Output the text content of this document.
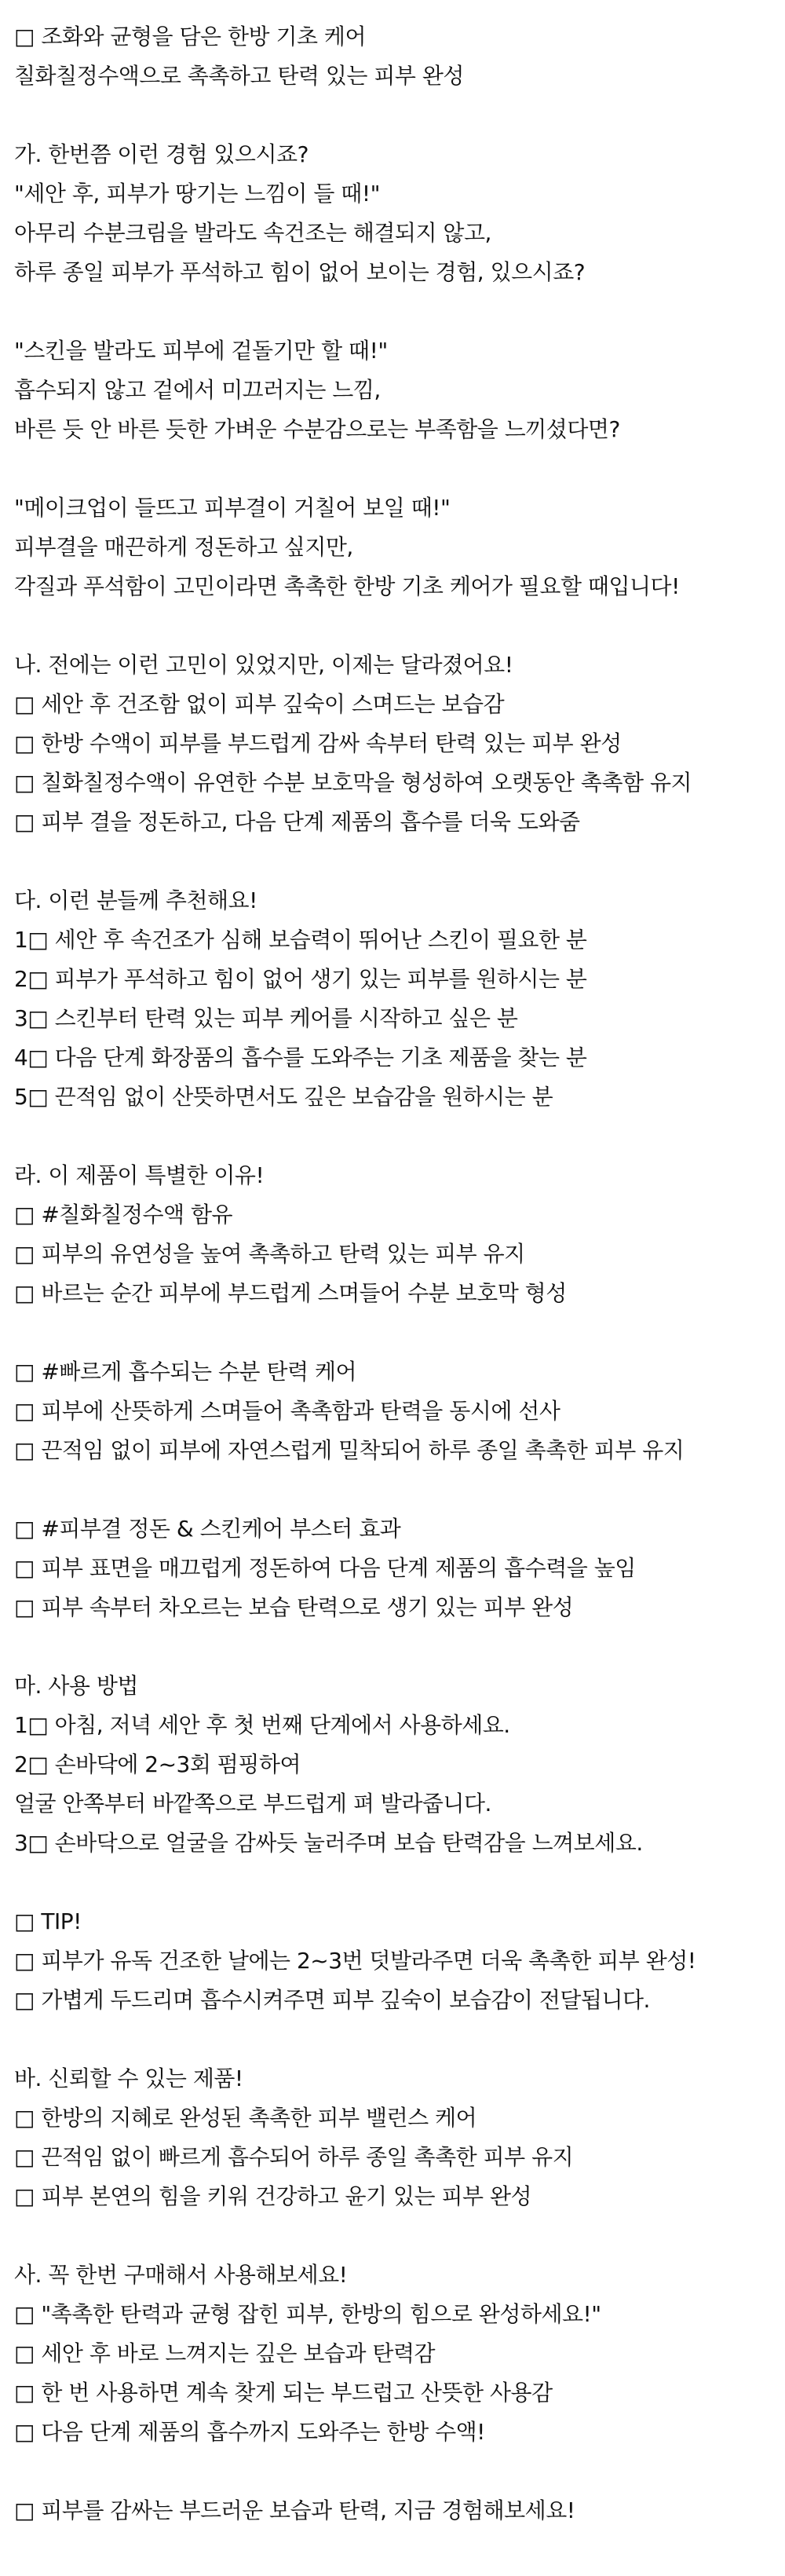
□ 조화와 균형을 담은 한방 기초 케어
칠화칠정수액으로 촉촉하고 탄력 있는 피부 완성
가. 한번쯤 이런 경험 있으시죠?
"세안 후, 피부가 땅기는 느낌이 들 때!"
아무리 수분크림을 발라도 속건조는 해결되지 않고,
하루 종일 피부가 푸석하고 힘이 없어 보이는 경험, 있으시죠?
"스킨을 발라도 피부에 겉돌기만 할 때!"
흡수되지 않고 겉에서 미끄러지는 느낌,
바른 듯 안 바른 듯한 가벼운 수분감으로는 부족함을 느끼셨다면?
"메이크업이 들뜨고 피부결이 거칠어 보일 때!"
피부결을 매끈하게 정돈하고 싶지만,
각질과 푸석함이 고민이라면 촉촉한 한방 기초 케어가 필요할 때입니다!
나. 전에는 이런 고민이 있었지만, 이제는 달라졌어요!
□ 세안 후 건조함 없이 피부 깊숙이 스며드는 보습감
□ 한방 수액이 피부를 부드럽게 감싸 속부터 탄력 있는 피부 완성
□ 칠화칠정수액이 유연한 수분 보호막을 형성하여 오랫동안 촉촉함 유지
□ 피부 결을 정돈하고, 다음 단계 제품의 흡수를 더욱 도와줌
다. 이런 분들께 추천해요!
1□ 세안 후 속건조가 심해 보습력이 뛰어난 스킨이 필요한 분
2□ 피부가 푸석하고 힘이 없어 생기 있는 피부를 원하시는 분
3□ 스킨부터 탄력 있는 피부 케어를 시작하고 싶은 분
4□ 다음 단계 화장품의 흡수를 도와주는 기초 제품을 찾는 분
5□ 끈적임 없이 산뜻하면서도 깊은 보습감을 원하시는 분
라. 이 제품이 특별한 이유!
□ #칠화칠정수액 함유
□ 피부의 유연성을 높여 촉촉하고 탄력 있는 피부 유지
□ 바르는 순간 피부에 부드럽게 스며들어 수분 보호막 형성
□ #빠르게 흡수되는 수분 탄력 케어
□ 피부에 산뜻하게 스며들어 촉촉함과 탄력을 동시에 선사
□ 끈적임 없이 피부에 자연스럽게 밀착되어 하루 종일 촉촉한 피부 유지
□ #피부결 정돈 & 스킨케어 부스터 효과
□ 피부 표면을 매끄럽게 정돈하여 다음 단계 제품의 흡수력을 높임
□ 피부 속부터 차오르는 보습 탄력으로 생기 있는 피부 완성
마. 사용 방법
1□ 아침, 저녁 세안 후 첫 번째 단계에서 사용하세요.
2□ 손바닥에 2~3회 펌핑하여
얼굴 안쪽부터 바깥쪽으로 부드럽게 펴 발라줍니다.
3□ 손바닥으로 얼굴을 감싸듯 눌러주며 보습 탄력감을 느껴보세요.
□ TIP!
□ 피부가 유독 건조한 날에는 2~3번 덧발라주면 더욱 촉촉한 피부 완성!
□ 가볍게 두드리며 흡수시켜주면 피부 깊숙이 보습감이 전달됩니다.
바. 신뢰할 수 있는 제품!
□ 한방의 지혜로 완성된 촉촉한 피부 밸런스 케어
□ 끈적임 없이 빠르게 흡수되어 하루 종일 촉촉한 피부 유지
□ 피부 본연의 힘을 키워 건강하고 윤기 있는 피부 완성
사. 꼭 한번 구매해서 사용해보세요!
□ "촉촉한 탄력과 균형 잡힌 피부, 한방의 힘으로 완성하세요!"
□ 세안 후 바로 느껴지는 깊은 보습과 탄력감
□ 한 번 사용하면 계속 찾게 되는 부드럽고 산뜻한 사용감
□ 다음 단계 제품의 흡수까지 도와주는 한방 수액!
□ 피부를 감싸는 부드러운 보습과 탄력, 지금 경험해보세요!
